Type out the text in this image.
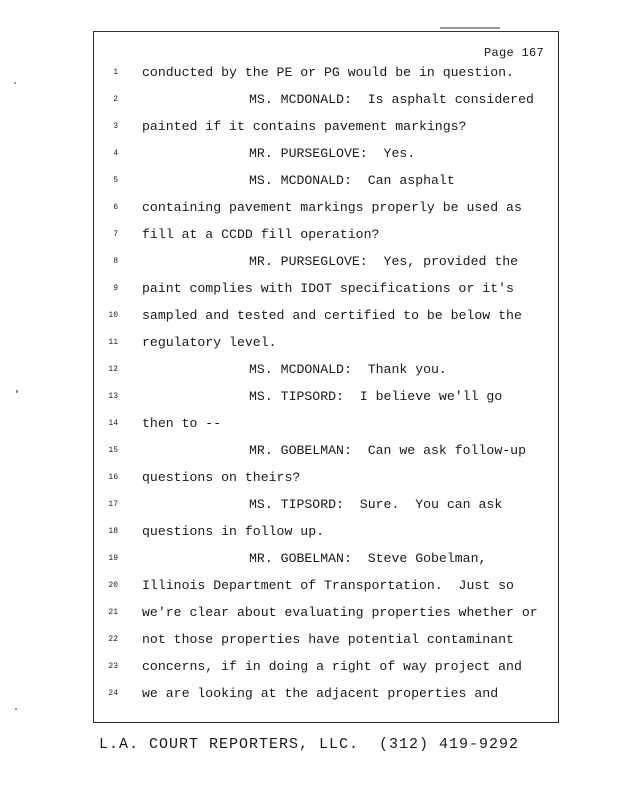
Page 167
1 conducted by the PE or PG would be in question.
2	MS. MCDONALD:  Is asphalt considered
3 painted if it contains pavement markings?
4	MR. PURSEGLOVE:  Yes.
5	MS. MCDONALD:  Can asphalt
6 containing pavement markings properly be used as
7 fill at a CCDD fill operation?
8	MR. PURSEGLOVE:  Yes, provided the
9 paint complies with IDOT specifications or it's
10 sampled and tested and certified to be below the
11 regulatory level.
12	MS. MCDONALD:  Thank you.
13	MS. TIPSORD:  I believe we'll go
14 then to --
15	MR. GOBELMAN:  Can we ask follow-up
16 questions on theirs?
17	MS. TIPSORD:  Sure.  You can ask
18 questions in follow up.
19	MR. GOBELMAN:  Steve Gobelman,
20 Illinois Department of Transportation.  Just so
21 we're clear about evaluating properties whether or
22 not those properties have potential contaminant
23 concerns, if in doing a right of way project and
24 we are looking at the adjacent properties and
L.A. COURT REPORTERS, LLC.  (312) 419-9292
